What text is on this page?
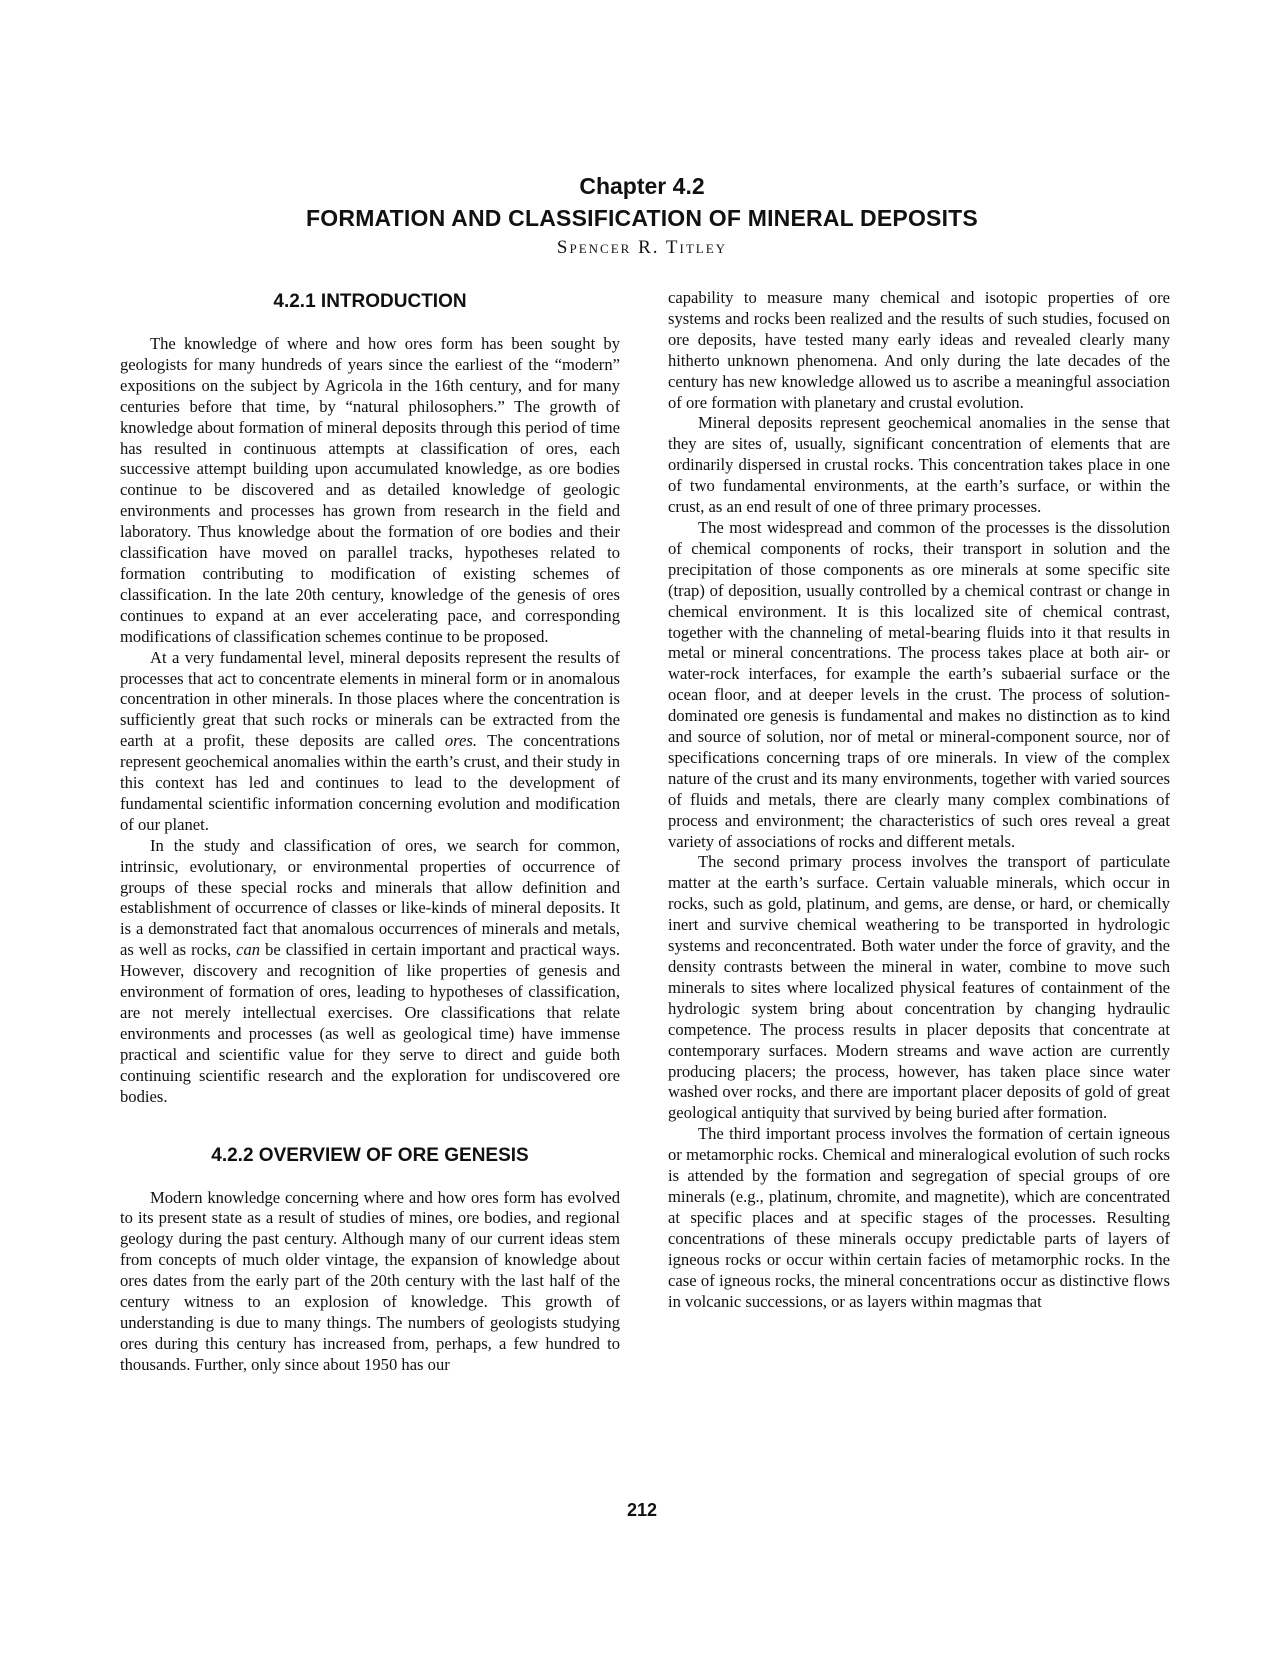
Chapter 4.2
FORMATION AND CLASSIFICATION OF MINERAL DEPOSITS
Spencer R. Titley
4.2.1 INTRODUCTION

The knowledge of where and how ores form has been sought by geologists for many hundreds of years since the earliest of the “modern” expositions on the subject by Agricola in the 16th century, and for many centuries before that time, by “natural philosophers.” The growth of knowledge about formation of mineral deposits through this period of time has resulted in continuous attempts at classification of ores, each successive attempt building upon accumulated knowledge, as ore bodies continue to be discovered and as detailed knowledge of geologic environments and processes has grown from research in the field and laboratory. Thus knowledge about the formation of ore bodies and their classification have moved on parallel tracks, hypotheses related to formation contributing to modification of existing schemes of classification. In the late 20th century, knowledge of the genesis of ores continues to expand at an ever accelerating pace, and corresponding modifications of classification schemes continue to be proposed.

At a very fundamental level, mineral deposits represent the results of processes that act to concentrate elements in mineral form or in anomalous concentration in other minerals. In those places where the concentration is sufficiently great that such rocks or minerals can be extracted from the earth at a profit, these deposits are called ores. The concentrations represent geochemical anomalies within the earth’s crust, and their study in this context has led and continues to lead to the development of fundamental scientific information concerning evolution and modification of our planet.

In the study and classification of ores, we search for common, intrinsic, evolutionary, or environmental properties of occurrence of groups of these special rocks and minerals that allow definition and establishment of occurrence of classes or like-kinds of mineral deposits. It is a demonstrated fact that anomalous occurrences of minerals and metals, as well as rocks, can be classified in certain important and practical ways. However, discovery and recognition of like properties of genesis and environment of formation of ores, leading to hypotheses of classification, are not merely intellectual exercises. Ore classifications that relate environments and processes (as well as geological time) have immense practical and scientific value for they serve to direct and guide both continuing scientific research and the exploration for undiscovered ore bodies.

4.2.2 OVERVIEW OF ORE GENESIS

Modern knowledge concerning where and how ores form has evolved to its present state as a result of studies of mines, ore bodies, and regional geology during the past century. Although many of our current ideas stem from concepts of much older vintage, the expansion of knowledge about ores dates from the early part of the 20th century with the last half of the century witness to an explosion of knowledge. This growth of understanding is due to many things. The numbers of geologists studying ores during this century has increased from, perhaps, a few hundred to thousands. Further, only since about 1950 has our

capability to measure many chemical and isotopic properties of ore systems and rocks been realized and the results of such studies, focused on ore deposits, have tested many early ideas and revealed clearly many hitherto unknown phenomena. And only during the late decades of the century has new knowledge allowed us to ascribe a meaningful association of ore formation with planetary and crustal evolution.

Mineral deposits represent geochemical anomalies in the sense that they are sites of, usually, significant concentration of elements that are ordinarily dispersed in crustal rocks. This concentration takes place in one of two fundamental environments, at the earth’s surface, or within the crust, as an end result of one of three primary processes.

The most widespread and common of the processes is the dissolution of chemical components of rocks, their transport in solution and the precipitation of those components as ore minerals at some specific site (trap) of deposition, usually controlled by a chemical contrast or change in chemical environment. It is this localized site of chemical contrast, together with the channeling of metal-bearing fluids into it that results in metal or mineral concentrations. The process takes place at both air- or water-rock interfaces, for example the earth’s subaerial surface or the ocean floor, and at deeper levels in the crust. The process of solution-dominated ore genesis is fundamental and makes no distinction as to kind and source of solution, nor of metal or mineral-component source, nor of specifications concerning traps of ore minerals. In view of the complex nature of the crust and its many environments, together with varied sources of fluids and metals, there are clearly many complex combinations of process and environment; the characteristics of such ores reveal a great variety of associations of rocks and different metals.

The second primary process involves the transport of particulate matter at the earth’s surface. Certain valuable minerals, which occur in rocks, such as gold, platinum, and gems, are dense, or hard, or chemically inert and survive chemical weathering to be transported in hydrologic systems and reconcentrated. Both water under the force of gravity, and the density contrasts between the mineral in water, combine to move such minerals to sites where localized physical features of containment of the hydrologic system bring about concentration by changing hydraulic competence. The process results in placer deposits that concentrate at contemporary surfaces. Modern streams and wave action are currently producing placers; the process, however, has taken place since water washed over rocks, and there are important placer deposits of gold of great geological antiquity that survived by being buried after formation.

The third important process involves the formation of certain igneous or metamorphic rocks. Chemical and mineralogical evolution of such rocks is attended by the formation and segregation of special groups of ore minerals (e.g., platinum, chromite, and magnetite), which are concentrated at specific places and at specific stages of the processes. Resulting concentrations of these minerals occupy predictable parts of layers of igneous rocks or occur within certain facies of metamorphic rocks. In the case of igneous rocks, the mineral concentrations occur as distinctive flows in volcanic successions, or as layers within magmas that

212
